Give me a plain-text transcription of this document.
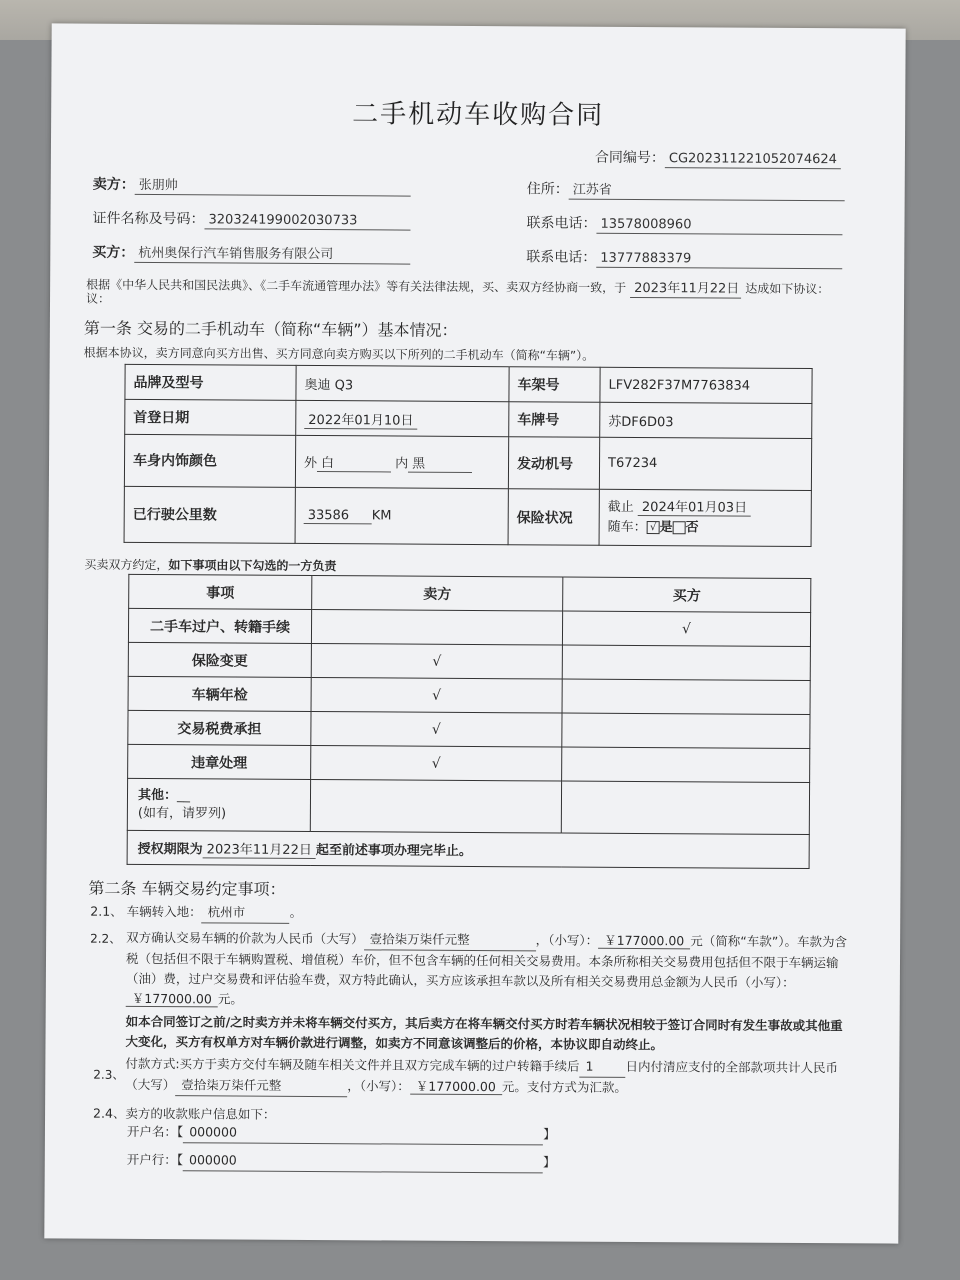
二手机动车收购合同
合同编号： CG202311221052074624
卖方： 张朋帅	住所： 江苏省
证件名称及号码： 320324199002030733	联系电话： 13578008960
买方： 杭州奥保行汽车销售服务有限公司	联系电话： 13777883379
根据《中华人民共和国民法典》、《二手车流通管理办法》等有关法律法规，买、卖双方经协商一致，于 2023年11月22日 达成如下协议：
议：
第一条 交易的二手机动车（简称“车辆”）基本情况：
根据本协议，卖方同意向买方出售、买方同意向卖方购买以下所列的二手机动车（简称“车辆”）。
品牌及型号	奥迪 Q3	车架号	LFV282F37M7763834
首登日期	2022年01月10日	车牌号	苏DF6D03
车身内饰颜色	外 白 内 黑	发动机号	T67234
已行驶公里数	33586 KM	保险状况	截止 2024年01月03日
随车： √ 是 否
买卖双方约定，如下事项由以下勾选的一方负责
事项	卖方	买方
二手车过户、转籍手续		√
保险变更	√	
车辆年检	√	
交易税费承担	√	
违章处理	√	
其他：__
(如有，请罗列)		
授权期限为 2023年11月22日 起至前述事项办理完毕止。		
第二条 车辆交易约定事项：
2.1、 车辆转入地： 杭州市	。
2.2、 双方确认交易车辆的价款为人民币（大写） 壹拾柒万柒仟元整	，（小写）： ￥177000.00 元（简称“车款”）。车款为含税（包括但不限于车辆购置税、增值税）车价，但不包含车辆的任何相关交易费用。本条所称相关交易费用包括但不限于车辆运输（油）费，过户交易费和评估验车费，双方特此确认，买方应该承担车款以及所有相关交易费用总金额为人民币（小写）：￥177000.00 元。
如本合同签订之前/之时卖方并未将车辆交付买方，其后卖方在将车辆交付买方时若车辆状况相较于签订合同时有发生事故或其他重大变化，买方有权单方对车辆价款进行调整，如卖方不同意该调整后的价格，本协议即自动终止。
2.3、
付款方式:买方于卖方交付车辆及随车相关文件并且双方完成车辆的过户转籍手续后 1	日内付清应支付的全部款项共计人民币（大写） 壹拾柒万柒仟元整	，（小写）： ￥177000.00 元。支付方式为汇款。
2.4、卖方的收款账户信息如下：
开户名：【 000000	】
开户行：【 000000	】
